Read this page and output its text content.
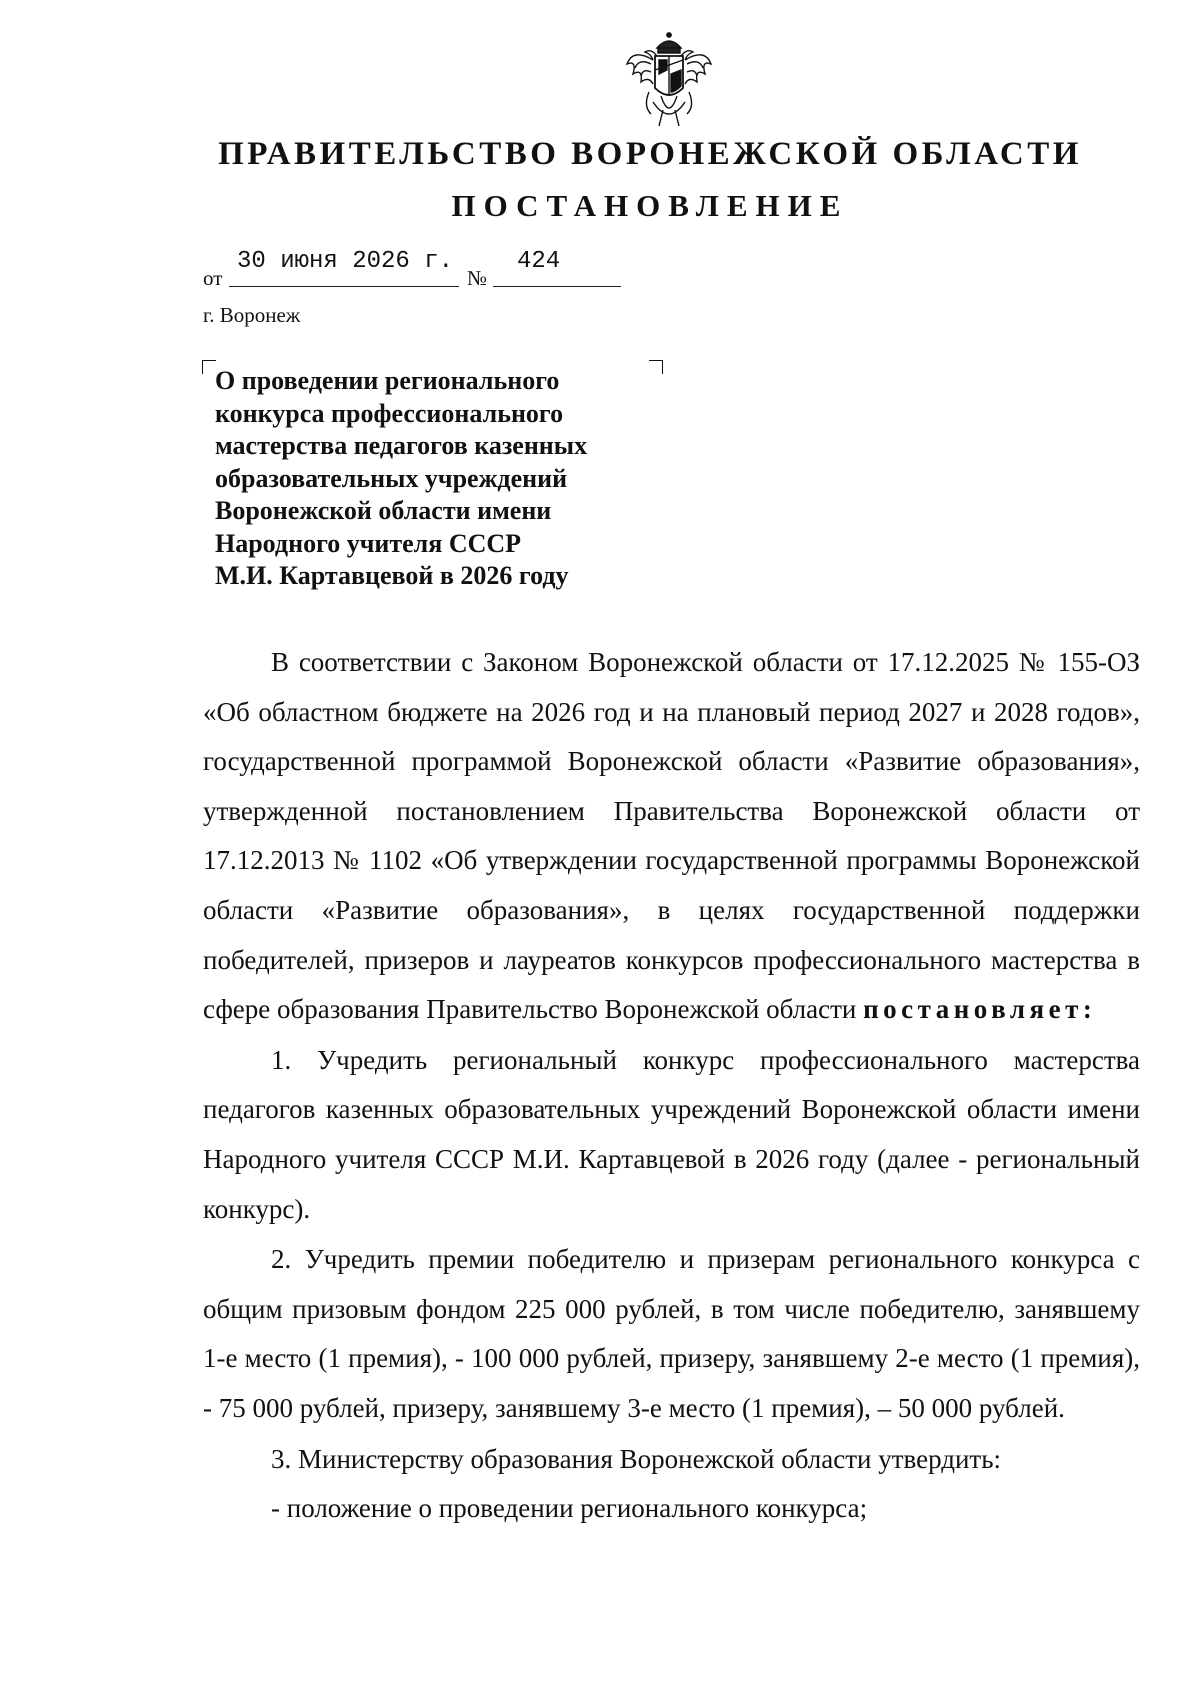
ПРАВИТЕЛЬСТВО ВОРОНЕЖСКОЙ ОБЛАСТИ
ПОСТАНОВЛЕНИЕ
от
30 июня 2026 г.
№
424
г. Воронеж
О проведении регионального
конкурса профессионального
мастерства педагогов казенных
образовательных учреждений
Воронежской области имени
Народного учителя СССР
М.И. Картавцевой в 2026 году

В соответствии с Законом Воронежской области от 17.12.2025 № 155-ОЗ «Об областном бюджете на 2026 год и на плановый период 2027 и 2028 годов», государственной программой Воронежской области «Развитие образования», утвержденной постановлением Правительства Воронежской области от 17.12.2013 № 1102 «Об утверждении государственной программы Воронежской области «Развитие образования», в целях государственной поддержки победителей, призеров и лауреатов конкурсов профессионального мастерства в сфере образования Правительство Воронежской области постановляет:

1. Учредить региональный конкурс профессионального мастерства педагогов казенных образовательных учреждений Воронежской области имени Народного учителя СССР М.И. Картавцевой в 2026 году (далее - региональный конкурс).

2. Учредить премии победителю и призерам регионального конкурса с общим призовым фондом 225 000 рублей, в том числе победителю, занявшему 1-е место (1 премия), - 100 000 рублей, призеру, занявшему 2-е место (1 премия), - 75 000 рублей, призеру, занявшему 3-е место (1 премия), – 50 000 рублей.

3. Министерству образования Воронежской области утвердить:

- положение о проведении регионального конкурса;
